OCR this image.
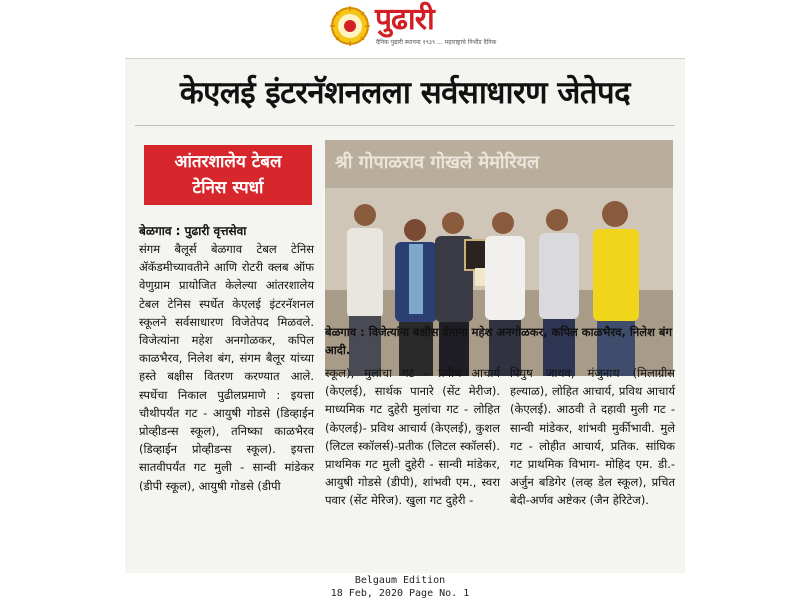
पुढारी
दैनिक पुढारी स्थापना १९३९ ... महाराष्ट्राचे निर्भीड दैनिक
केएलई इंटरनॅशनलला सर्वसाधारण जेतेपद
आंतरशालेय टेबल
टेनिस स्पर्धा
श्री गोपाळराव गोखले मेमोरियल
बेळगाव : विजेत्यांना बक्षीस देताना महेश अनगोळकर, कपिल काळभैरव, निलेश बंग आदी.
बेळगाव : पुढारी वृत्तसेवा
संगम बैलूर्स बेळगाव टेबल टेनिस ॲकॅडमीच्यावतीने आणि रोटरी क्लब ऑफ वेणुग्राम प्रायोजित केलेल्या आंतरशालेय टेबल टेनिस स्पर्धेत केएलई इंटरनॅशनल स्कूलने सर्वसाधारण विजेतेपद मिळवले. विजेत्यांना महेश अनगोळकर, कपिल काळभैरव, निलेश बंग, संगम बैलूर यांच्या हस्ते बक्षीस वितरण करण्यात आले. स्पर्धेचा निकाल पुढीलप्रमाणे : इयत्ता चौथीपर्यंत गट - आयुषी गोडसे (डिव्हाईन प्रोव्हीडन्स स्कूल), तनिष्का काळभैरव (डिव्हाईन प्रोव्हीडन्स स्कूल). इयत्ता सातवीपर्यंत गट मुली - सान्वी मांडेकर (डीपी स्कूल), आयुषी गोडसे (डीपी
स्कूल), मुलांचा गट - प्रवीथ आचार्य (केएलई), सार्थक पानारे (सेंट मेरीज). माध्यमिक गट दुहेरी मुलांचा गट - लोहित (केएलई)- प्रविथ आचार्य (केएलई), कुशल (लिटल स्कॉलर्स)-प्रतीक (लिटल स्कॉलर्स). प्राथमिक गट मुली दुहेरी - सान्वी मांडेकर, आयुषी गोडसे (डीपी), शांभवी एम., स्वरा पवार (सेंट मेरिज). खुला गट दुहेरी -
पियुष जाधव, मंजुनाथ (मिलाग्रीस हल्याळ), लोहित आचार्य, प्रविथ आचार्य (केएलई). आठवी ते दहावी मुली गट - सान्वी मांडेकर, शांभवी मुर्कीभावी. मुले गट - लोहीत आचार्य, प्रतिक. सांघिक गट प्राथमिक विभाग- मोहिद एम. डी.- अर्जुन बडिगेर (लव्ह डेल स्कूल), प्रचित बेदी-अर्णव अष्टेकर (जैन हेरिटेज).
Belgaum Edition
18 Feb, 2020 Page No. 1
